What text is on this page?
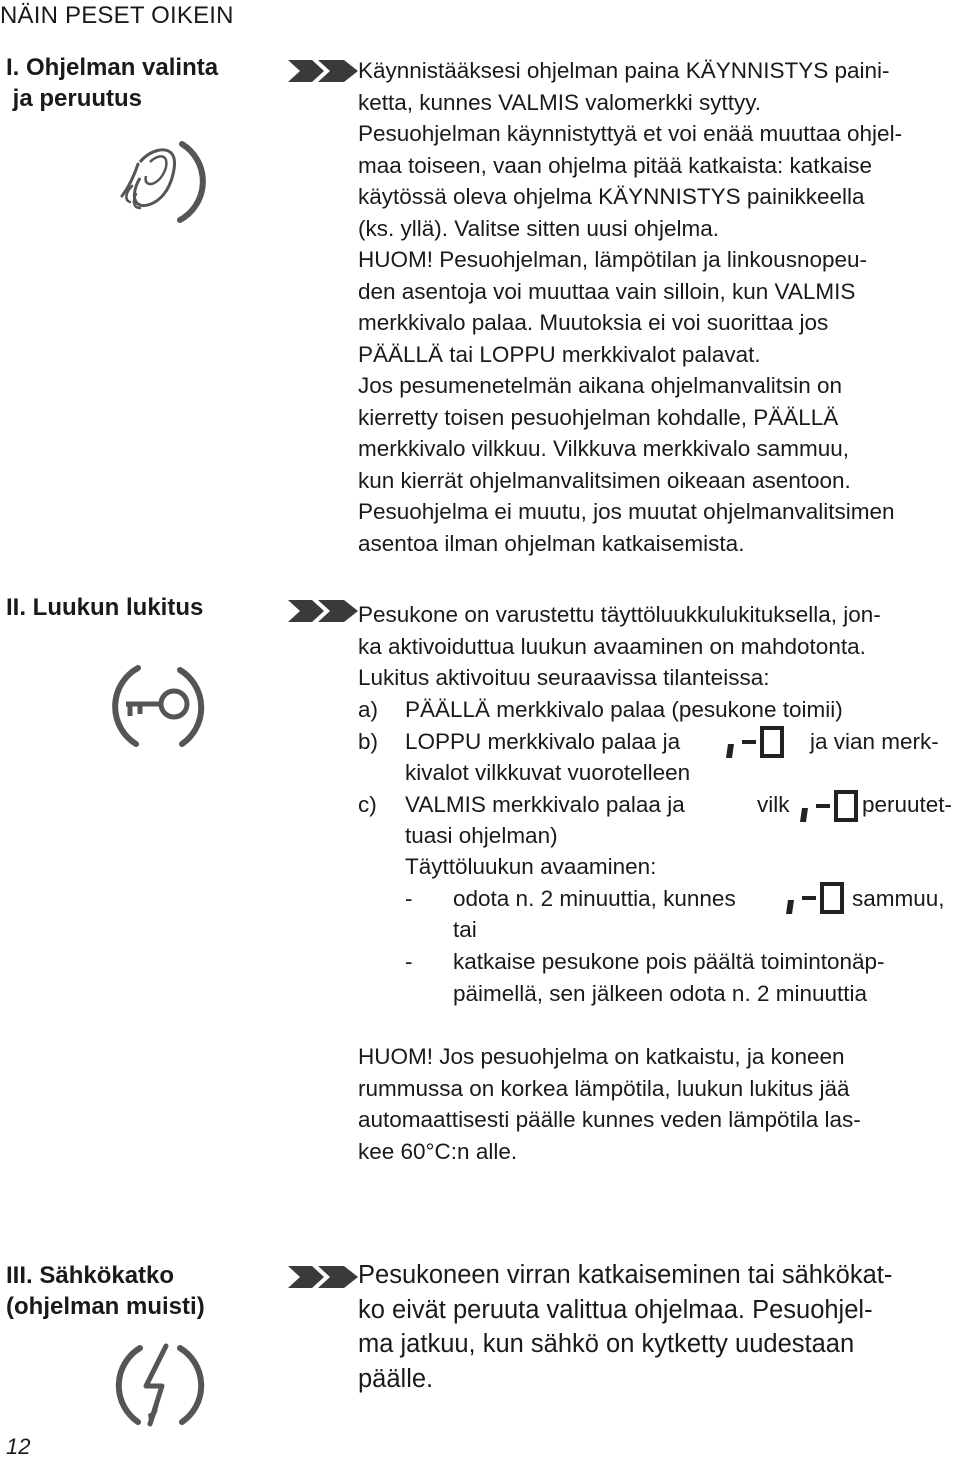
NÄIN PESET OIKEIN
I. Ohjelman valinta
ja peruutus
Käynnistääksesi ohjelman paina KÄYNNISTYS paini-
ketta, kunnes VALMIS valomerkki syttyy.
Pesuohjelman käynnistyttyä et voi enää muuttaa ohjel-
maa toiseen, vaan ohjelma pitää katkaista: katkaise
käytössä oleva ohjelma KÄYNNISTYS painikkeella
(ks. yllä). Valitse sitten uusi ohjelma.
HUOM! Pesuohjelman, lämpötilan ja linkousnopeu-
den asentoja voi muuttaa vain silloin, kun VALMIS
merkkivalo palaa. Muutoksia ei voi suorittaa jos
PÄÄLLÄ tai LOPPU merkkivalot palavat.
Jos pesumenetelmän aikana ohjelmanvalitsin on
kierretty toisen pesuohjelman kohdalle, PÄÄLLÄ
merkkivalo vilkkuu. Vilkkuva merkkivalo sammuu,
kun kierrät ohjelmanvalitsimen oikeaan asentoon.
Pesuohjelma ei muutu, jos muutat ohjelmanvalitsimen
asentoa ilman ohjelman katkaisemista.
II. Luukun lukitus	Pesukone on varustettu täyttöluukkulukituksella, jon-
ka aktivoiduttua luukun avaaminen on mahdotonta.
Lukitus aktivoituu seuraavissa tilanteissa:
a) PÄÄLLÄ merkkivalo palaa (pesukone toimii)
b) LOPPU merkkivalo palaa ja	ja vian merk-
kivalot vilkkuvat vuorotelleen
c) VALMIS merkkivalo palaa ja	vilk	peruutet-
tuasi ohjelman)
Täyttöluukun avaaminen:
- odota n. 2 minuuttia, kunnes	sammuu,
tai
- katkaise pesukone pois päältä toimintonäp-
päimellä, sen jälkeen odota n. 2 minuuttia
HUOM! Jos pesuohjelma on katkaistu, ja koneen
rummussa on korkea lämpötila, luukun lukitus jää
automaattisesti päälle kunnes veden lämpötila las-
kee 60°C:n alle.
III. Sähkökatko
(ohjelman muisti)
Pesukoneen virran katkaiseminen tai sähkökat-
ko eivät peruuta valittua ohjelmaa. Pesuohjel-
ma jatkuu, kun sähkö on kytketty uudestaan
päälle.
12
